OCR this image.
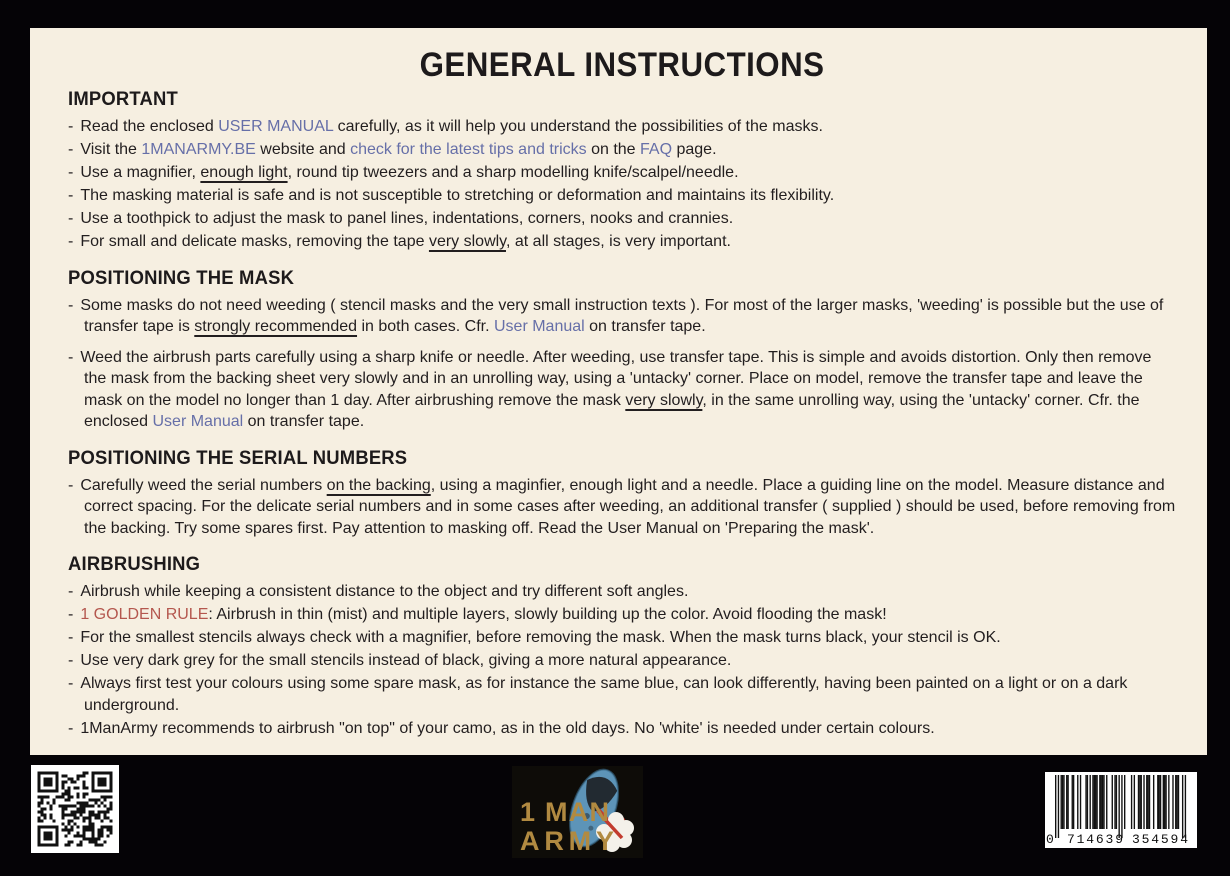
GENERAL INSTRUCTIONS
IMPORTANT

- Read the enclosed USER MANUAL carefully, as it will help you understand the possibilities of the masks.

- Visit the 1MANARMY.BE website and check for the latest tips and tricks on the FAQ page.

- Use a magnifier, enough light, round tip tweezers and a sharp modelling knife/scalpel/needle.

- The masking material is safe and is not susceptible to stretching or deformation and maintains its flexibility.

- Use a toothpick to adjust the mask to panel lines, indentations, corners, nooks and crannies.

- For small and delicate masks, removing the tape very slowly, at all stages, is very important.

POSITIONING THE MASK

- Some masks do not need weeding ( stencil masks and the very small instruction texts ). For most of the larger masks, 'weeding' is possible but the use of transfer tape is strongly recommended in both cases. Cfr. User Manual on transfer tape.

- Weed the airbrush parts carefully using a sharp knife or needle. After weeding, use transfer tape. This is simple and avoids distortion. Only then remove the mask from the backing sheet very slowly and in an unrolling way, using a 'untacky' corner. Place on model, remove the transfer tape and leave the mask on the model no longer than 1 day. After airbrushing remove the mask very slowly, in the same unrolling way, using the 'untacky' corner. Cfr. the enclosed User Manual on transfer tape.

POSITIONING THE SERIAL NUMBERS

- Carefully weed the serial numbers on the backing, using a maginfier, enough light and a needle. Place a guiding line on the model. Measure distance and correct spacing. For the delicate serial numbers and in some cases after weeding, an additional transfer ( supplied ) should be used, before removing from the backing. Try some spares first. Pay attention to masking off. Read the User Manual on 'Preparing the mask'.

AIRBRUSHING

- Airbrush while keeping a consistent distance to the object and try different soft angles.

- 1 GOLDEN RULE: Airbrush in thin (mist) and multiple layers, slowly building up the color. Avoid flooding the mask!

- For the smallest stencils always check with a magnifier, before removing the mask. When the mask turns black, your stencil is OK.

- Use very dark grey for the small stencils instead of black, giving a more natural appearance.

- Always first test your colours using some spare mask, as for instance the same blue, can look differently, having been painted on a light or on a dark underground.

- 1ManArmy recommends to airbrush "on top" of your camo, as in the old days. No 'white' is needed under certain colours.

1 MAN
ARMY	0 714639 354594
